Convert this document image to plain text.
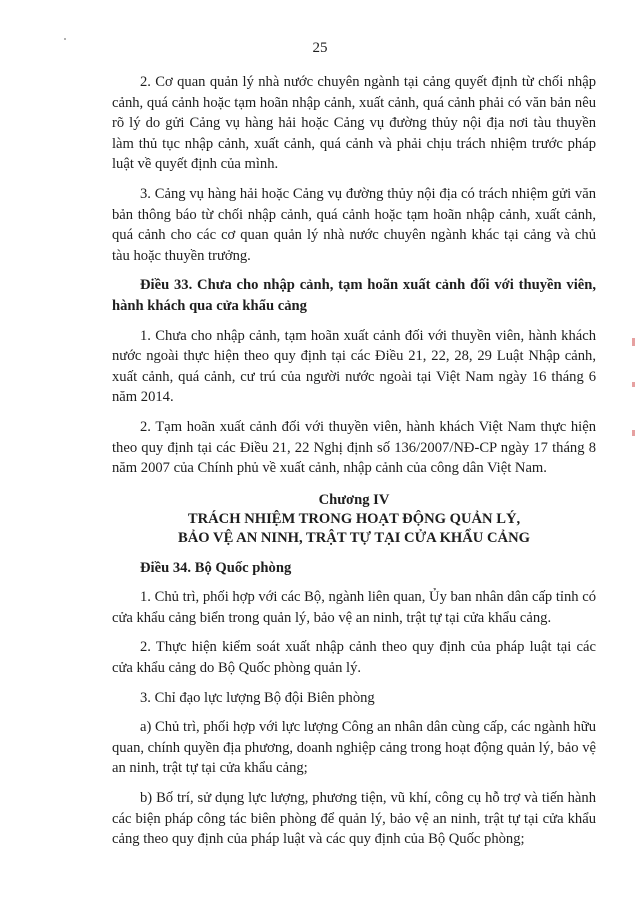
25

2. Cơ quan quản lý nhà nước chuyên ngành tại cảng quyết định từ chối nhập cảnh, quá cảnh hoặc tạm hoãn nhập cảnh, xuất cảnh, quá cảnh phải có văn bản nêu rõ lý do gửi Cảng vụ hàng hải hoặc Cảng vụ đường thủy nội địa nơi tàu thuyền làm thủ tục nhập cảnh, xuất cảnh, quá cảnh và phải chịu trách nhiệm trước pháp luật về quyết định của mình.

3. Cảng vụ hàng hải hoặc Cảng vụ đường thủy nội địa có trách nhiệm gửi văn bản thông báo từ chối nhập cảnh, quá cảnh hoặc tạm hoãn nhập cảnh, xuất cảnh, quá cảnh cho các cơ quan quản lý nhà nước chuyên ngành khác tại cảng và chủ tàu hoặc thuyền trưởng.

Điều 33. Chưa cho nhập cảnh, tạm hoãn xuất cảnh đối với thuyền viên, hành khách qua cửa khẩu cảng

1. Chưa cho nhập cảnh, tạm hoãn xuất cảnh đối với thuyền viên, hành khách nước ngoài thực hiện theo quy định tại các Điều 21, 22, 28, 29 Luật Nhập cảnh, xuất cảnh, quá cảnh, cư trú của người nước ngoài tại Việt Nam ngày 16 tháng 6 năm 2014.

2. Tạm hoãn xuất cảnh đối với thuyền viên, hành khách Việt Nam thực hiện theo quy định tại các Điều 21, 22 Nghị định số 136/2007/NĐ-CP ngày 17 tháng 8 năm 2007 của Chính phủ về xuất cảnh, nhập cảnh của công dân Việt Nam.

Chương IV
TRÁCH NHIỆM TRONG HOẠT ĐỘNG QUẢN LÝ,
BẢO VỆ AN NINH, TRẬT TỰ TẠI CỬA KHẨU CẢNG

Điều 34. Bộ Quốc phòng

1. Chủ trì, phối hợp với các Bộ, ngành liên quan, Ủy ban nhân dân cấp tỉnh có cửa khẩu cảng biển trong quản lý, bảo vệ an ninh, trật tự tại cửa khẩu cảng.

2. Thực hiện kiểm soát xuất nhập cảnh theo quy định của pháp luật tại các cửa khẩu cảng do Bộ Quốc phòng quản lý.

3. Chỉ đạo lực lượng Bộ đội Biên phòng

a) Chủ trì, phối hợp với lực lượng Công an nhân dân cùng cấp, các ngành hữu quan, chính quyền địa phương, doanh nghiệp cảng trong hoạt động quản lý, bảo vệ an ninh, trật tự tại cửa khẩu cảng;

b) Bố trí, sử dụng lực lượng, phương tiện, vũ khí, công cụ hỗ trợ và tiến hành các biện pháp công tác biên phòng để quản lý, bảo vệ an ninh, trật tự tại cửa khẩu cảng theo quy định của pháp luật và các quy định của Bộ Quốc phòng;
